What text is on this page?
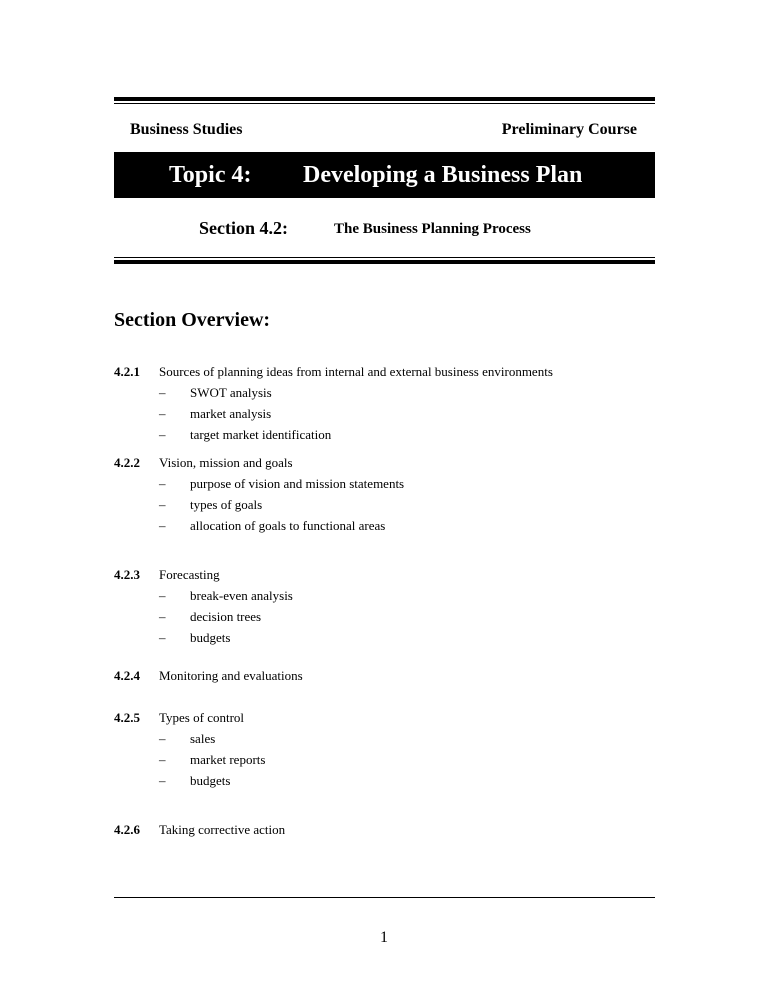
Business Studies	Preliminary Course
Topic 4: Developing a Business Plan
Section 4.2:	The Business Planning Process
Section Overview:
4.2.1 Sources of planning ideas from internal and external business environments
– SWOT analysis
– market analysis
– target market identification
4.2.2 Vision, mission and goals
– purpose of vision and mission statements
– types of goals
– allocation of goals to functional areas
4.2.3 Forecasting
– break-even analysis
– decision trees
– budgets
4.2.4 Monitoring and evaluations
4.2.5 Types of control
– sales
– market reports
– budgets
4.2.6 Taking corrective action
1
